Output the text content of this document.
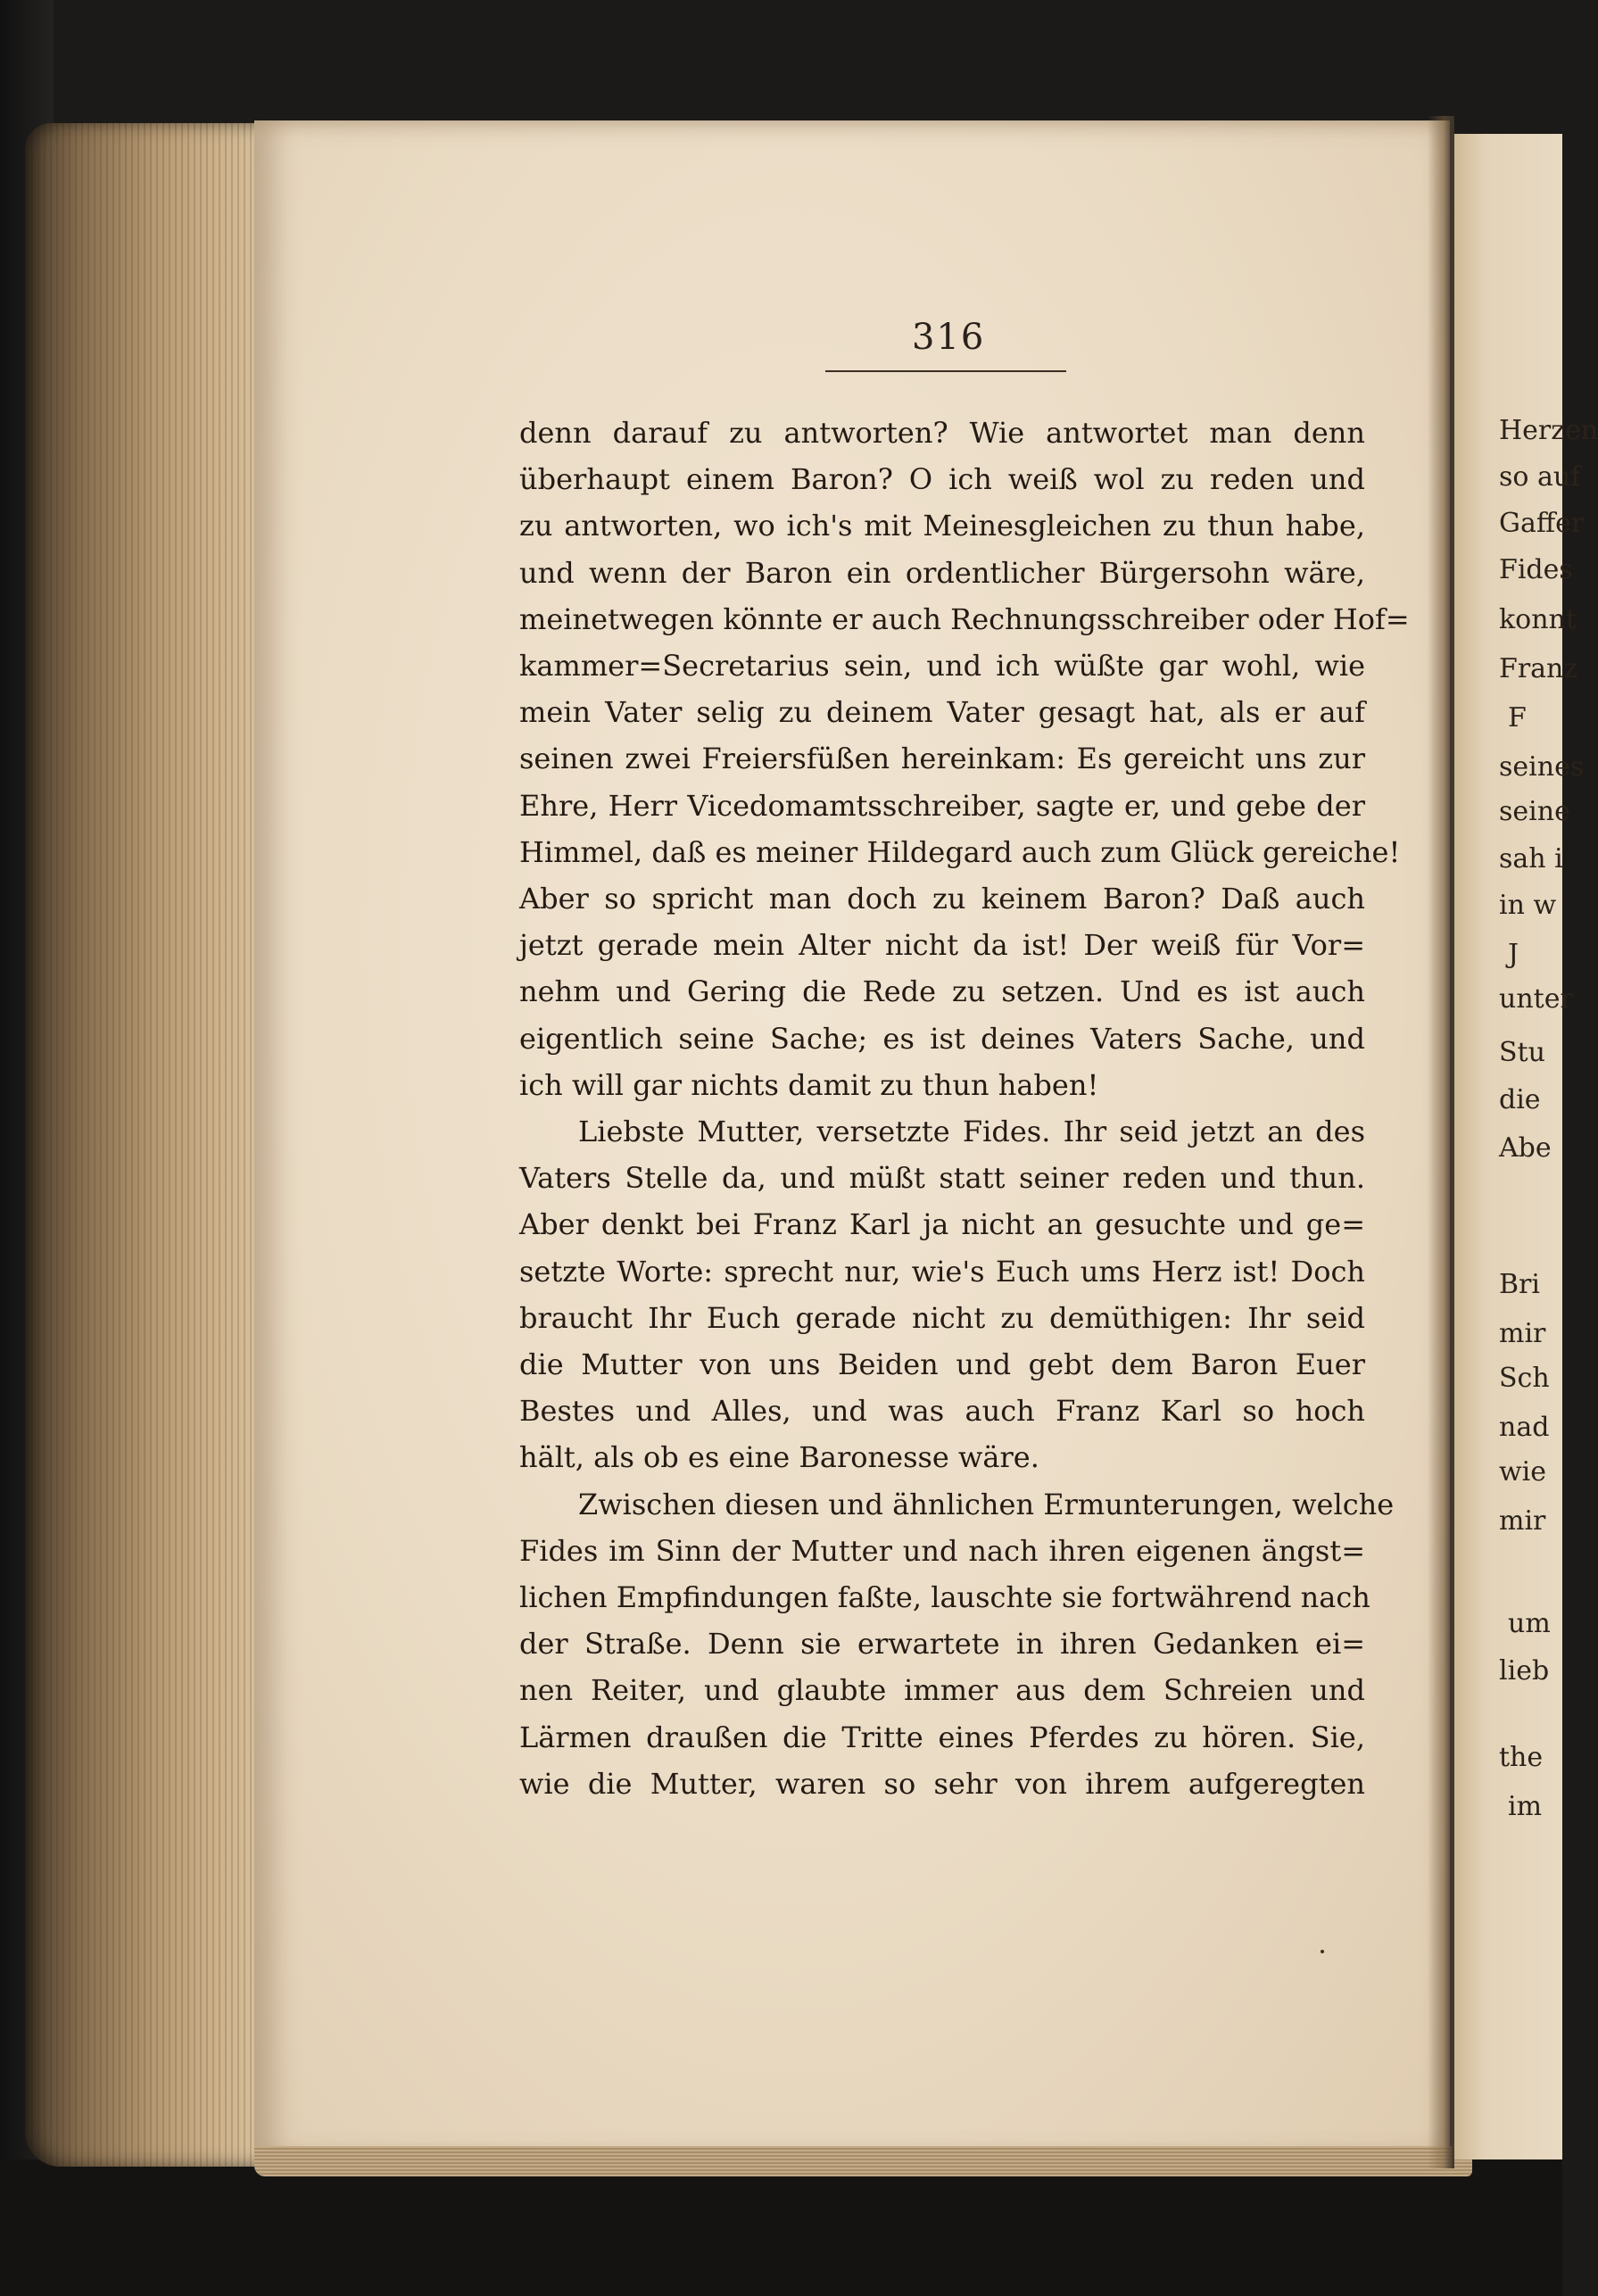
316
denn darauf zu antworten? Wie antwortet man denn
überhaupt einem Baron? O ich weiß wol zu reden und
zu antworten, wo ich's mit Meinesgleichen zu thun habe,
und wenn der Baron ein ordentlicher Bürgersohn wäre,
meinetwegen könnte er auch Rechnungsschreiber oder Hof=
kammer=Secretarius sein, und ich wüßte gar wohl, wie
mein Vater selig zu deinem Vater gesagt hat, als er auf
seinen zwei Freiersfüßen hereinkam: Es gereicht uns zur
Ehre, Herr Vicedomamtsschreiber, sagte er, und gebe der
Himmel, daß es meiner Hildegard auch zum Glück gereiche!
Aber so spricht man doch zu keinem Baron? Daß auch
jetzt gerade mein Alter nicht da ist! Der weiß für Vor=
nehm und Gering die Rede zu setzen. Und es ist auch
eigentlich seine Sache; es ist deines Vaters Sache, und
ich will gar nichts damit zu thun haben!
Liebste Mutter, versetzte Fides. Ihr seid jetzt an des
Vaters Stelle da, und müßt statt seiner reden und thun.
Aber denkt bei Franz Karl ja nicht an gesuchte und ge=
setzte Worte: sprecht nur, wie's Euch ums Herz ist! Doch
braucht Ihr Euch gerade nicht zu demüthigen: Ihr seid
die Mutter von uns Beiden und gebt dem Baron Euer
Bestes und Alles, und was auch Franz Karl so hoch
hält, als ob es eine Baronesse wäre.
Zwischen diesen und ähnlichen Ermunterungen, welche
Fides im Sinn der Mutter und nach ihren eigenen ängst=
lichen Empfindungen faßte, lauschte sie fortwährend nach
der Straße. Denn sie erwartete in ihren Gedanken ei=
nen Reiter, und glaubte immer aus dem Schreien und
Lärmen draußen die Tritte eines Pferdes zu hören. Sie,
wie die Mutter, waren so sehr von ihrem aufgeregten
Herzen
so auf
Gaffer
Fides
konnt
Franz
F
seines
seine
sah i
in w
J
unter
Stu
die
Abe
Bri
mir
Sch
nad
wie
mir
um
lieb
the
im
